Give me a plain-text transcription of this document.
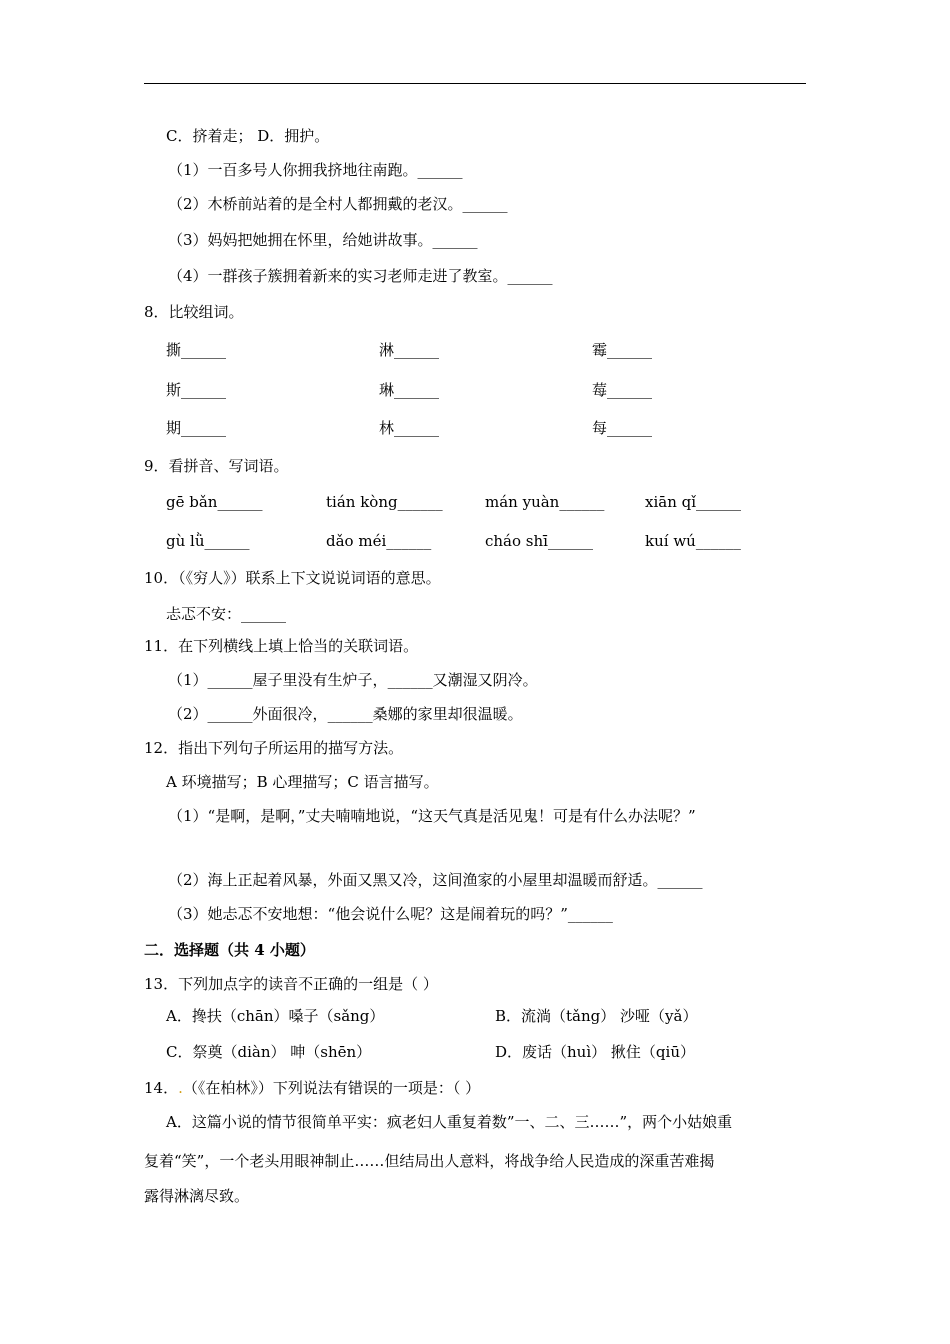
C．挤着走； D．拥护。
（1）一百多号人你拥我挤地往南跑。______
（2）木桥前站着的是全村人都拥戴的老汉。______
（3）妈妈把她拥在怀里，给她讲故事。______
（4）一群孩子簇拥着新来的实习老师走进了教室。______
8．比较组词。
撕______	淋______	霉______
斯______	琳______	莓______
期______	林______	每______
9．看拼音、写词语。
gē bǎn______	tián kòng______	mán yuàn______	xiān qǐ______
gù lǜ______	dǎo méi______	cháo shī______	kuí wú______
10．（《穷人》）联系上下文说说词语的意思。
忐忑不安：______
11．在下列横线上填上恰当的关联词语。
（1）______屋子里没有生炉子，______又潮湿又阴冷。
（2）______外面很冷，______桑娜的家里却很温暖。
12．指出下列句子所运用的描写方法。
A 环境描写；B 心理描写；C 语言描写。
（1）“是啊，是啊，”丈夫喃喃地说，“这天气真是活见鬼！可是有什么办法呢？”
（2）海上正起着风暴，外面又黑又冷，这间渔家的小屋里却温暖而舒适。______
（3）她忐忑不安地想：“他会说什么呢？这是闹着玩的吗？”______
二．选择题（共 4 小题）
13．下列加点字的读音不正确的一组是（ ）
A．搀扶（chān）嗓子（sǎng）	B．流淌（tǎng） 沙哑（yǎ）
C．祭奠（diàn） 呻（shēn）	D．废话（huì） 揪住（qiū）
14．.（《在柏林》）下列说法有错误的一项是：（ ）
A．这篇小说的情节很简单平实：疯老妇人重复着数”一、二、三……”，两个小姑娘重
复着“笑”，一个老头用眼神制止……但结局出人意料，将战争给人民造成的深重苦难揭
露得淋漓尽致。
